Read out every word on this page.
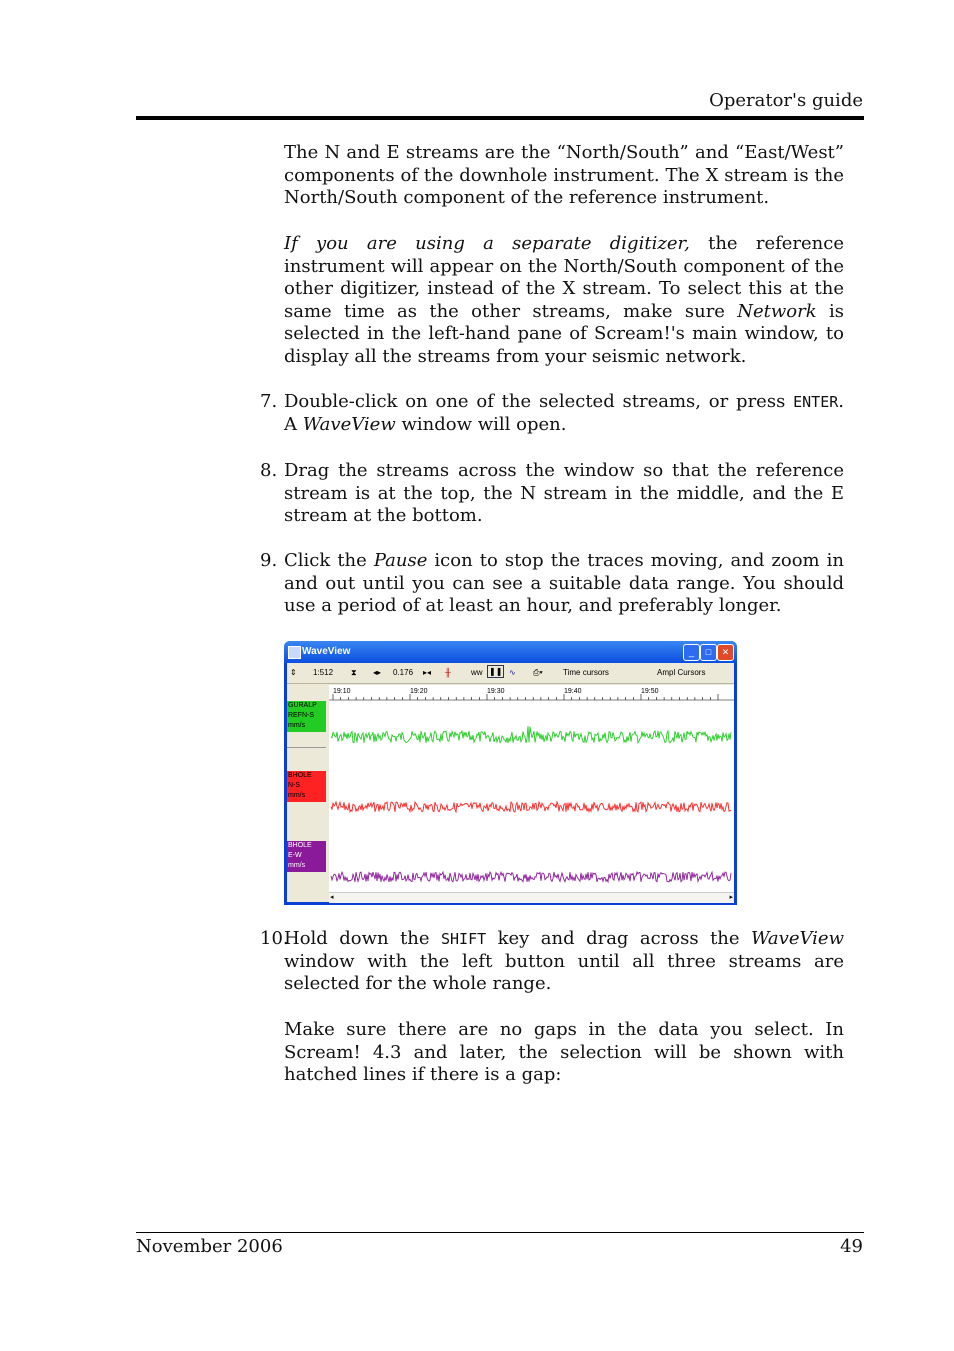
Operator's guide
The N and E streams are the “North/South” and “East/West” components of the downhole instrument. The X stream is the North/South component of the reference instrument.
If you are using a separate digitizer, the reference instrument will appear on the North/South component of the other digitizer, instead of the X stream. To select this at the same time as the other streams, make sure Network is selected in the left-hand pane of Scream!'s main window, to display all the streams from your seismic network.
7. Double-click on one of the selected streams, or press ENTER. A WaveView window will open.
8. Drag the streams across the window so that the reference stream is at the top, the N stream in the middle, and the E stream at the bottom.
9. Click the Pause icon to stop the traces moving, and zoom in and out until you can see a suitable data range. You should use a period of at least an hour, and preferably longer.
WaveView	_	□	✕
⇕ 1:512 ⧗ ◂▸ 0.176 ▸◂ ╫	ww ❚❚ ∿ ⎙▾	Time cursors	Ampl Cursors
GURALP
REFN-S
mm/s
BHOLE
N-S
mm/s
BHOLE
E-W
mm/s
19:10	19:20	19:30	19:40	19:50
◂	▸
10.
Hold down the SHIFT key and drag across the WaveView window with the left button until all three streams are selected for the whole range.
Make sure there are no gaps in the data you select. In Scream! 4.3 and later, the selection will be shown with hatched lines if there is a gap:
November 2006	49
